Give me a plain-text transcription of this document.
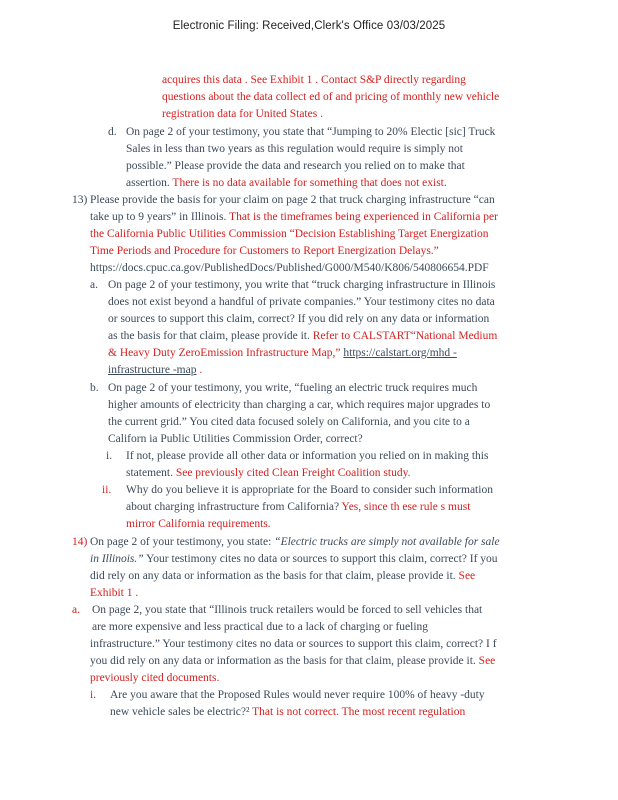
Electronic Filing: Received,Clerk's Office 03/03/2025
d.
13)
a.
b.
i.
ii.
14)
a.
i.
acquires this data . See Exhibit 1 . Contact S&P directly regarding
questions about the data collect ed of and pricing of monthly new vehicle
registration data for United States .
On page 2 of your testimony, you state that “Jumping to 20% Electic [sic] Truck
Sales in less than two years as this regulation would require is simply not
possible.” Please provide the data and research you relied on to make that
assertion. There is no data available for something that does not exist.
Please provide the basis for your claim on page 2 that truck charging infrastructure “can
take up to 9 years” in Illinois. That is the timeframes being experienced in California per
the California Public Utilities Commission “Decision Establishing Target Energization
Time Periods and Procedure for Customers to Report Energization Delays.”
https://docs.cpuc.ca.gov/PublishedDocs/Published/G000/M540/K806/540806654.PDF
On page 2 of your testimony, you write that “truck charging infrastructure in Illinois
does not exist beyond a handful of private companies.” Your testimony cites no data
or sources to support this claim, correct? If you did rely on any data or information
as the basis for that claim, please provide it. Refer to CALSTART“National Medium
& Heavy Duty ZeroEmission Infrastructure Map,” https://calstart.org/mhd -
infrastructure -map .
On page 2 of your testimony, you write, “fueling an electric truck requires much
higher amounts of electricity than charging a car, which requires major upgrades to
the current grid.” You cited data focused solely on California, and you cite to a
Californ ia Public Utilities Commission Order, correct?
If not, please provide all other data or information you relied on in making this
statement. See previously cited Clean Freight Coalition study.
Why do you believe it is appropriate for the Board to consider such information
about charging infrastructure from California? Yes, since th ese rule s must
mirror California requirements.
On page 2 of your testimony, you state: “Electric trucks are simply not available for sale
in Illinois.” Your testimony cites no data or sources to support this claim, correct? If you
did rely on any data or information as the basis for that claim, please provide it. See
Exhibit 1 .
On page 2, you state that “Illinois truck retailers would be forced to sell vehicles that
are more expensive and less practical due to a lack of charging or fueling
infrastructure.” Your testimony cites no data or sources to support this claim, correct? I f
you did rely on any data or information as the basis for that claim, please provide it. See
previously cited documents.
Are you aware that the Proposed Rules would never require 100% of heavy -duty
new vehicle sales be electric?² That is not correct. The most recent regulation
